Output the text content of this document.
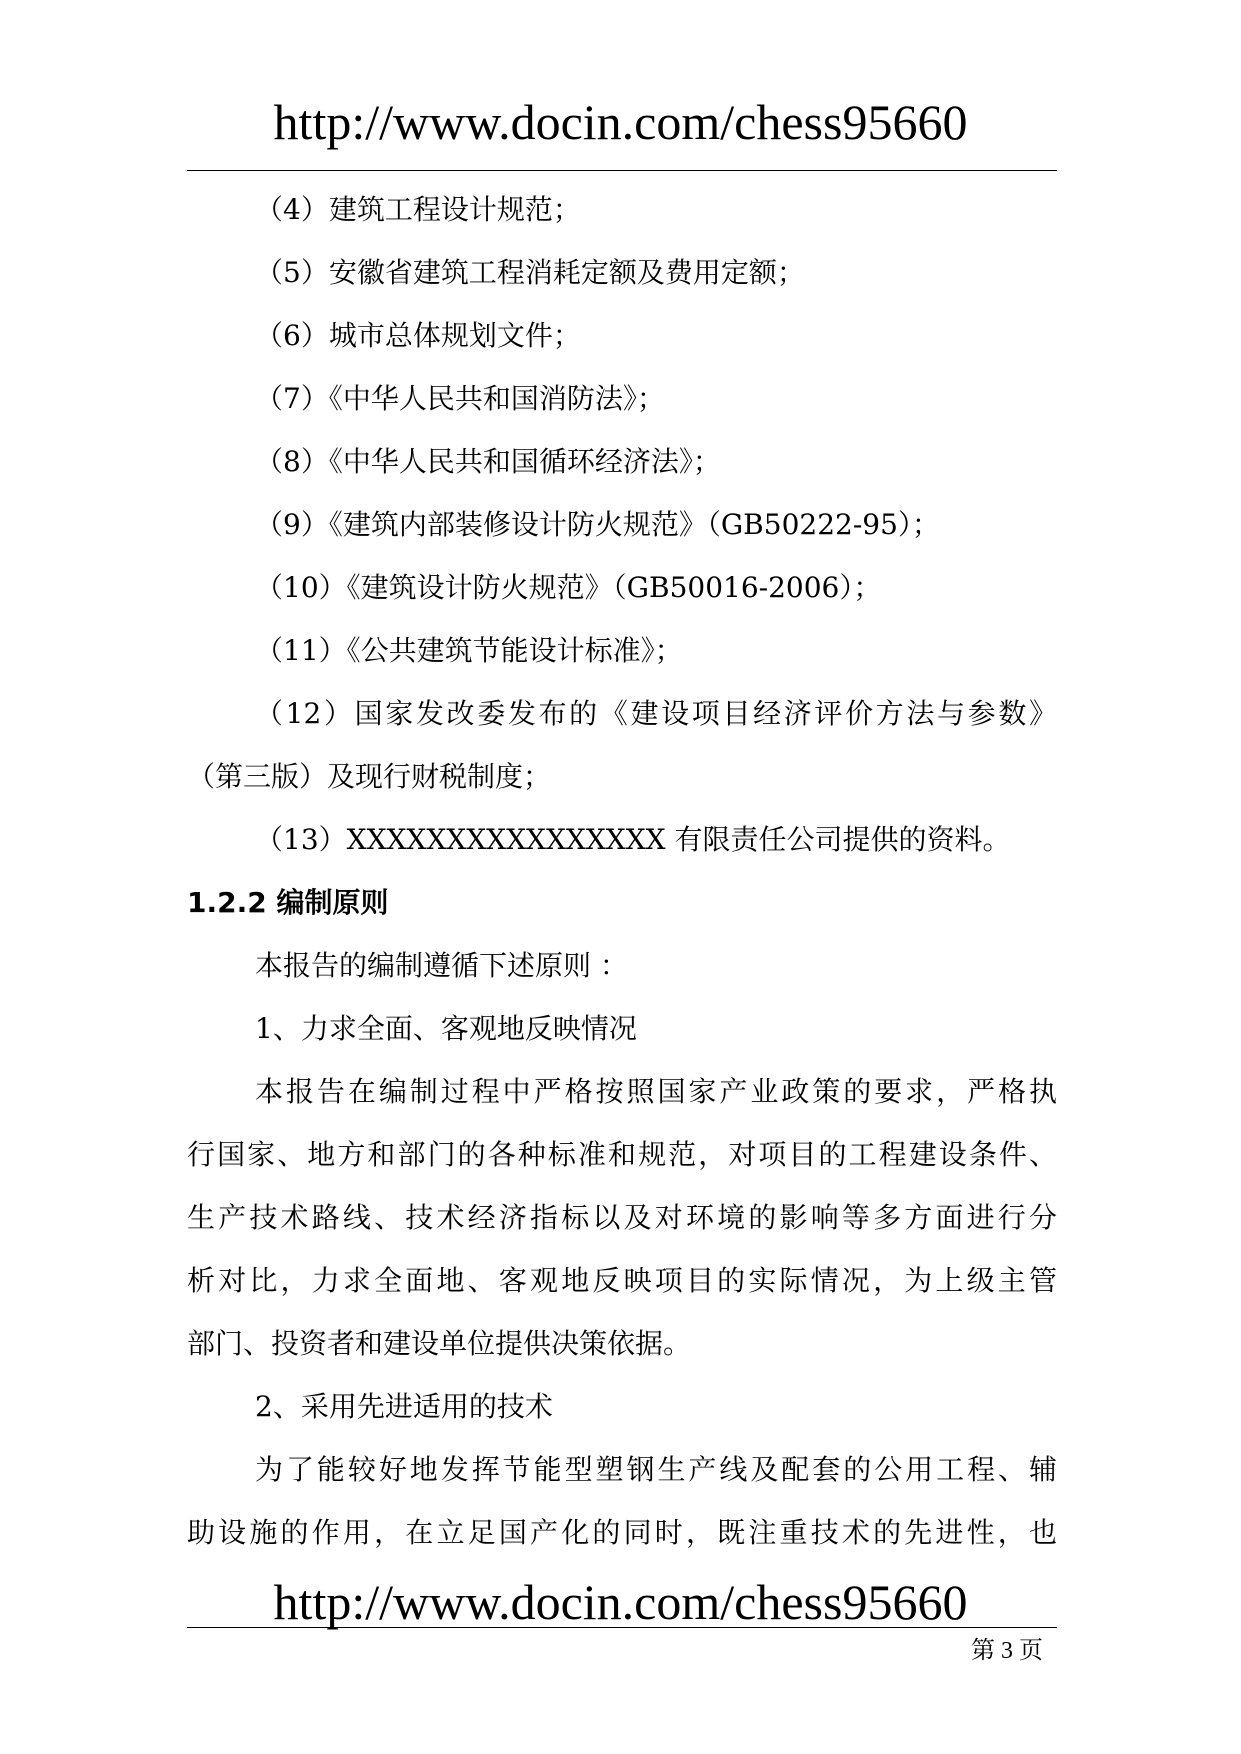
http://www.docin.com/chess95660
（4）建筑工程设计规范；
（5）安徽省建筑工程消耗定额及费用定额；
（6）城市总体规划文件；
（7）《中华人民共和国消防法》；
（8）《中华人民共和国循环经济法》；
（9）《建筑内部装修设计防火规范》（GB50222-95）；
（10）《建筑设计防火规范》（GB50016-2006）；
（11）《公共建筑节能设计标准》；
（12）国家发改委发布的《建设项目经济评价方法与参数》
（第三版）及现行财税制度；
（13）XXXXXXXXXXXXXXXX 有限责任公司提供的资料。
1.2.2 编制原则
本报告的编制遵循下述原则 ：
1、力求全面、客观地反映情况
本报告在编制过程中严格按照国家产业政策的要求，严格执
行国家、地方和部门的各种标准和规范，对项目的工程建设条件、
生产技术路线、技术经济指标以及对环境的影响等多方面进行分
析对比，力求全面地、客观地反映项目的实际情况，为上级主管
部门、投资者和建设单位提供决策依据。
2、采用先进适用的技术
为了能较好地发挥节能型塑钢生产线及配套的公用工程、辅
助设施的作用，在立足国产化的同时，既注重技术的先进性，也
http://www.docin.com/chess95660
第 3 页
